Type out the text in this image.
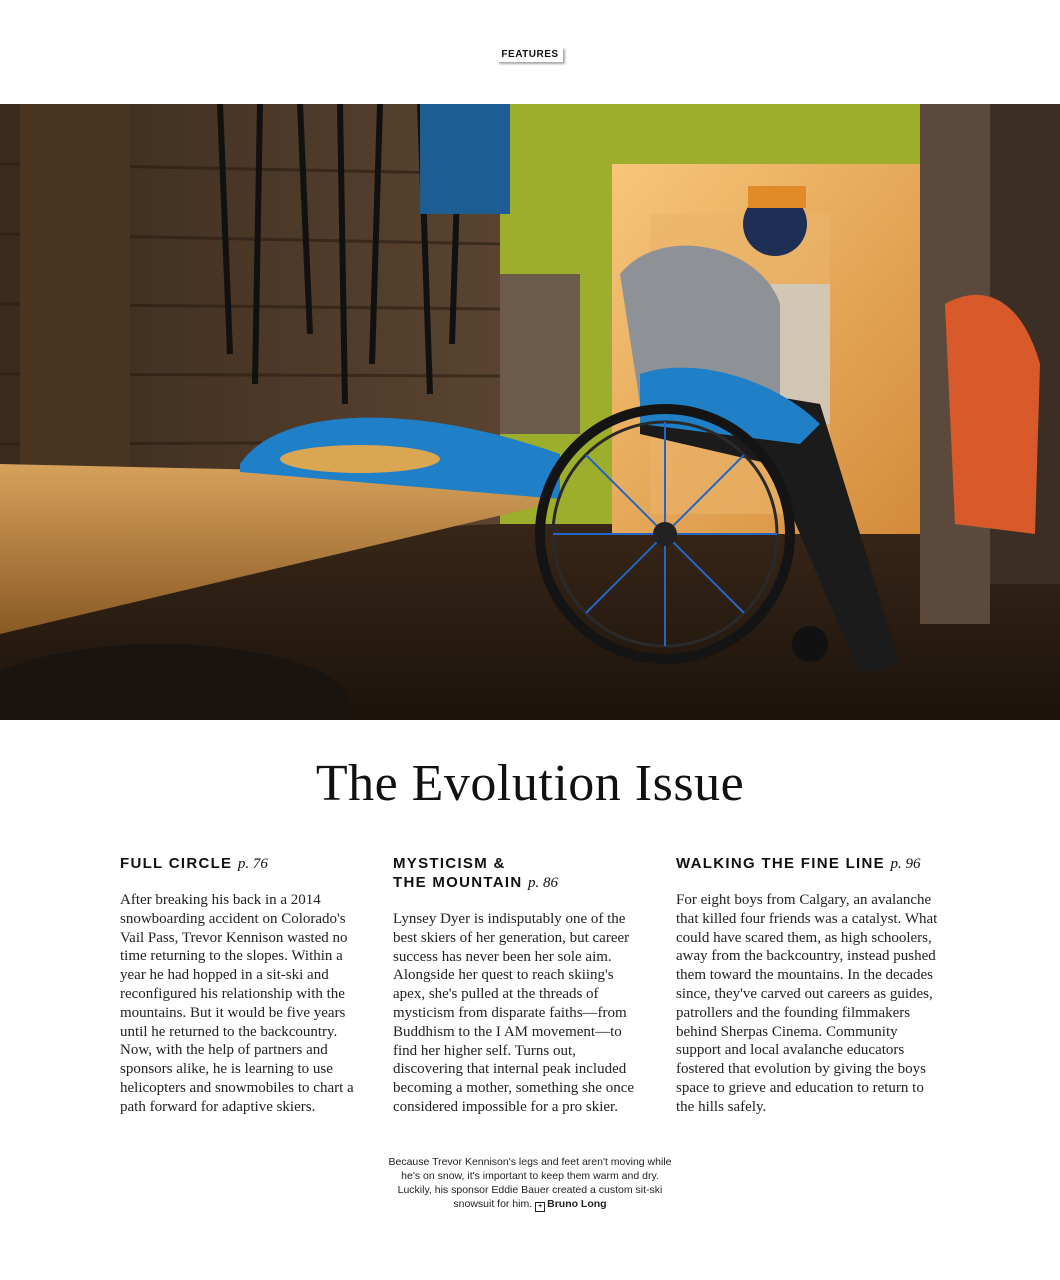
FEATURES
The Evolution Issue
FULL CIRCLE p. 76

After breaking his back in a 2014 snowboarding accident on Colorado's Vail Pass, Trevor Kennison wasted no time returning to the slopes. Within a year he had hopped in a sit-ski and reconfigured his relationship with the mountains. But it would be five years until he returned to the backcountry. Now, with the help of partners and sponsors alike, he is learning to use helicopters and snowmobiles to chart a path forward for adaptive skiers.

MYSTICISM &
THE MOUNTAIN p. 86

Lynsey Dyer is indisputably one of the best skiers of her generation, but career success has never been her sole aim. Alongside her quest to reach skiing's apex, she's pulled at the threads of mysticism from disparate faiths—from Buddhism to the I AM movement—to find her higher self. Turns out, discovering that internal peak included becoming a mother, something she once considered impossible for a pro skier.

WALKING THE FINE LINE p. 96

For eight boys from Calgary, an avalanche that killed four friends was a catalyst. What could have scared them, as high schoolers, away from the backcountry, instead pushed them toward the mountains. In the decades since, they've carved out careers as guides, patrollers and the founding filmmakers behind Sherpas Cinema. Community support and local avalanche educators fostered that evolution by giving the boys space to grieve and education to return to the hills safely.

Because Trevor Kennison's legs and feet aren't moving while he's on snow, it's important to keep them warm and dry. Luckily, his sponsor Eddie Bauer created a custom sit-ski snowsuit for him. + Bruno Long
